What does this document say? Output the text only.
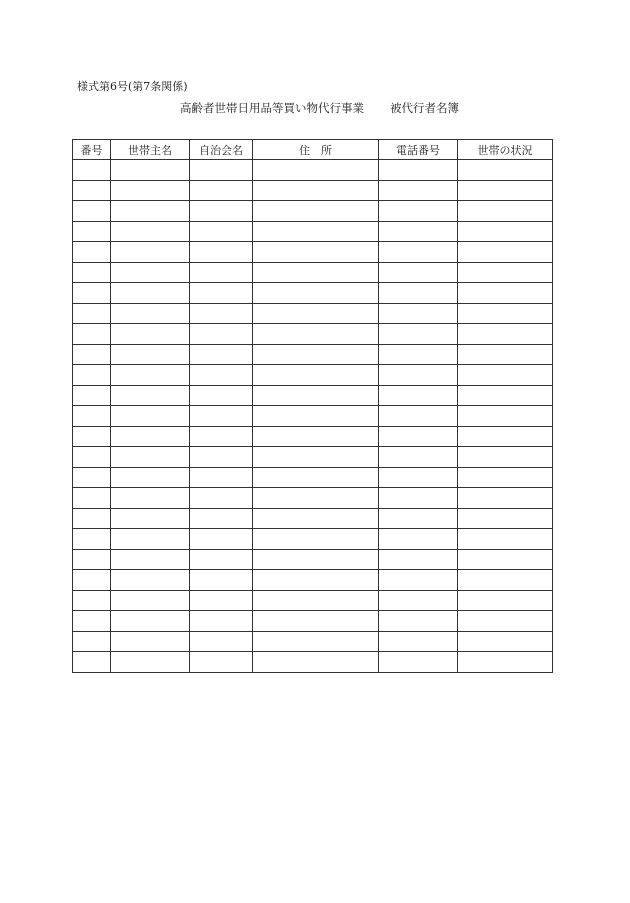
様式第6号(第7条関係)
高齢者世帯日用品等買い物代行事業 被代行者名簿
番号	世帯主名	自治会名	住　所	電話番号	世帯の状況
